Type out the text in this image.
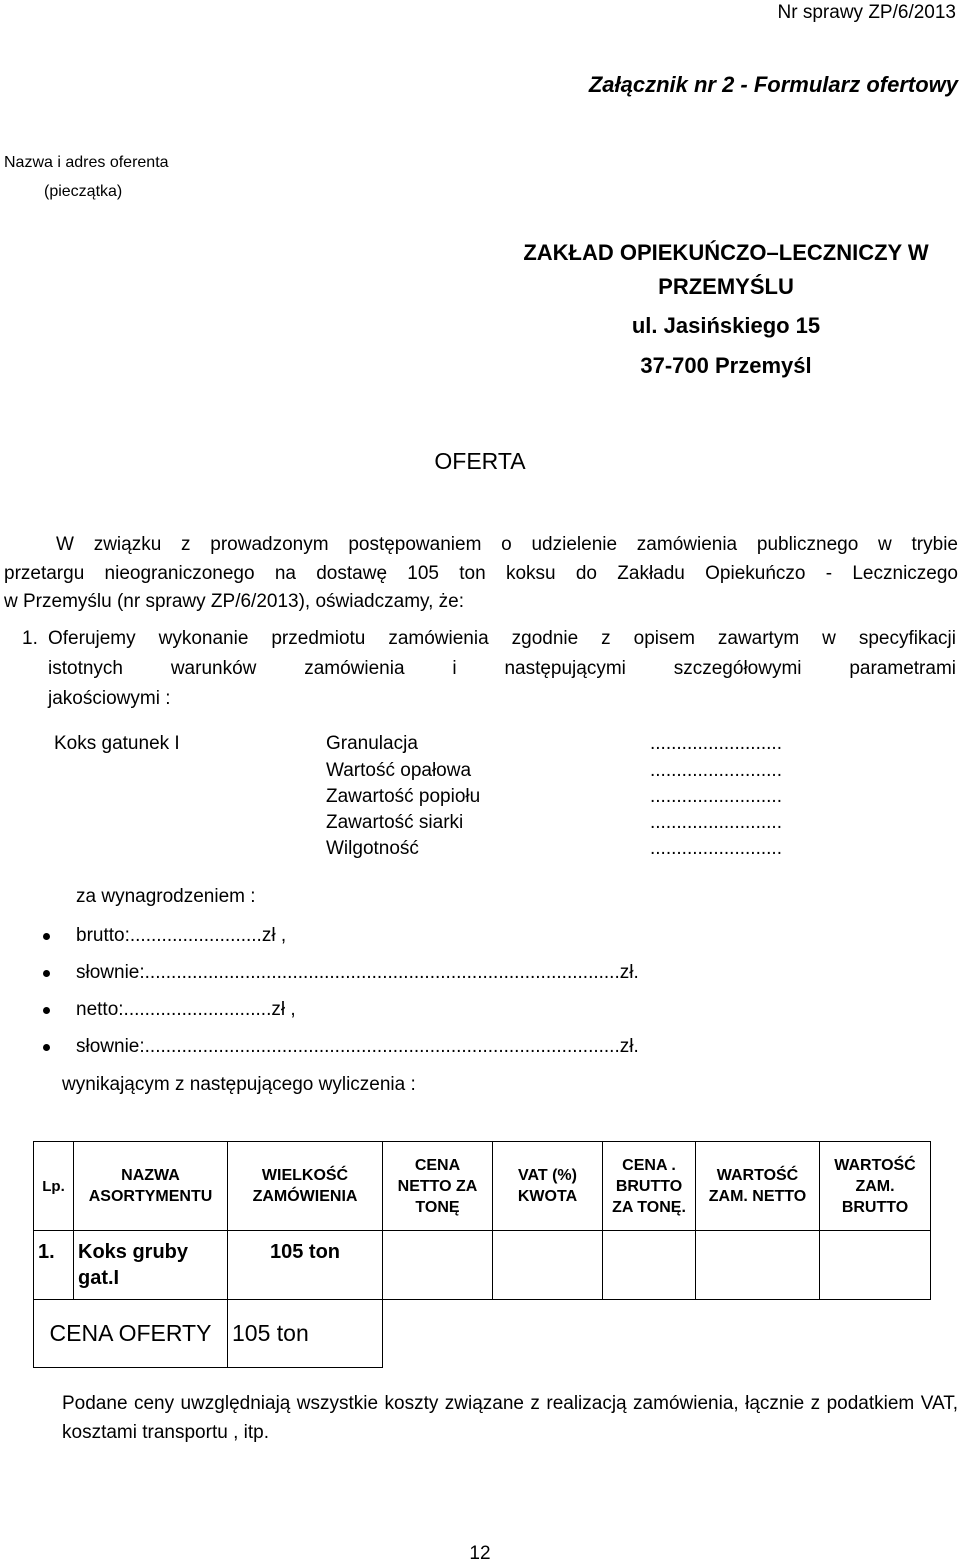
Nr sprawy ZP/6/2013
Załącznik nr 2 - Formularz ofertowy
Nazwa i adres oferenta
(pieczątka)
ZAKŁAD OPIEKUŃCZO–LECZNICZY W
PRZEMYŚLU
ul. Jasińskiego 15
37-700 Przemyśl
OFERTA

W związku z prowadzonym postępowaniem o udzielenie zamówienia publicznego w trybie

przetargu nieograniczonego na dostawę 105 ton koksu do Zakładu Opiekuńczo - Leczniczego

w Przemyślu (nr sprawy ZP/6/2013), oświadczamy, że:

1. Oferujemy wykonanie przedmiotu zamówienia zgodnie z opisem zawartym w specyfikacji
istotnych warunków zamówienia i następującymi szczegółowymi parametrami
jakościowymi :
Koks gatunek I	Granulacja	.........................
Wartość opałowa	.........................
Zawartość popiołu	.........................
Zawartość siarki	.........................
Wilgotność	.........................
za wynagrodzeniem :
brutto:.........................zł ,
słownie:..........................................................................................zł.
netto:............................zł ,
słownie:..........................................................................................zł.
wynikającym z następującego wyliczenia :
Lp.	NAZWA ASORTYMENTU	WIELKOŚĆ ZAMÓWIENIA	CENA NETTO ZA TONĘ	VAT (%) KWOTA	CENA . BRUTTO ZA TONĘ.	WARTOŚĆ ZAM. NETTO	WARTOŚĆ ZAM. BRUTTO
1.	Koks gruby gat.I	105 ton					
CENA OFERTY		105 ton					
Podane ceny uwzględniają wszystkie koszty związane z realizacją zamówienia, łącznie z podatkiem VAT, kosztami transportu , itp.
12
